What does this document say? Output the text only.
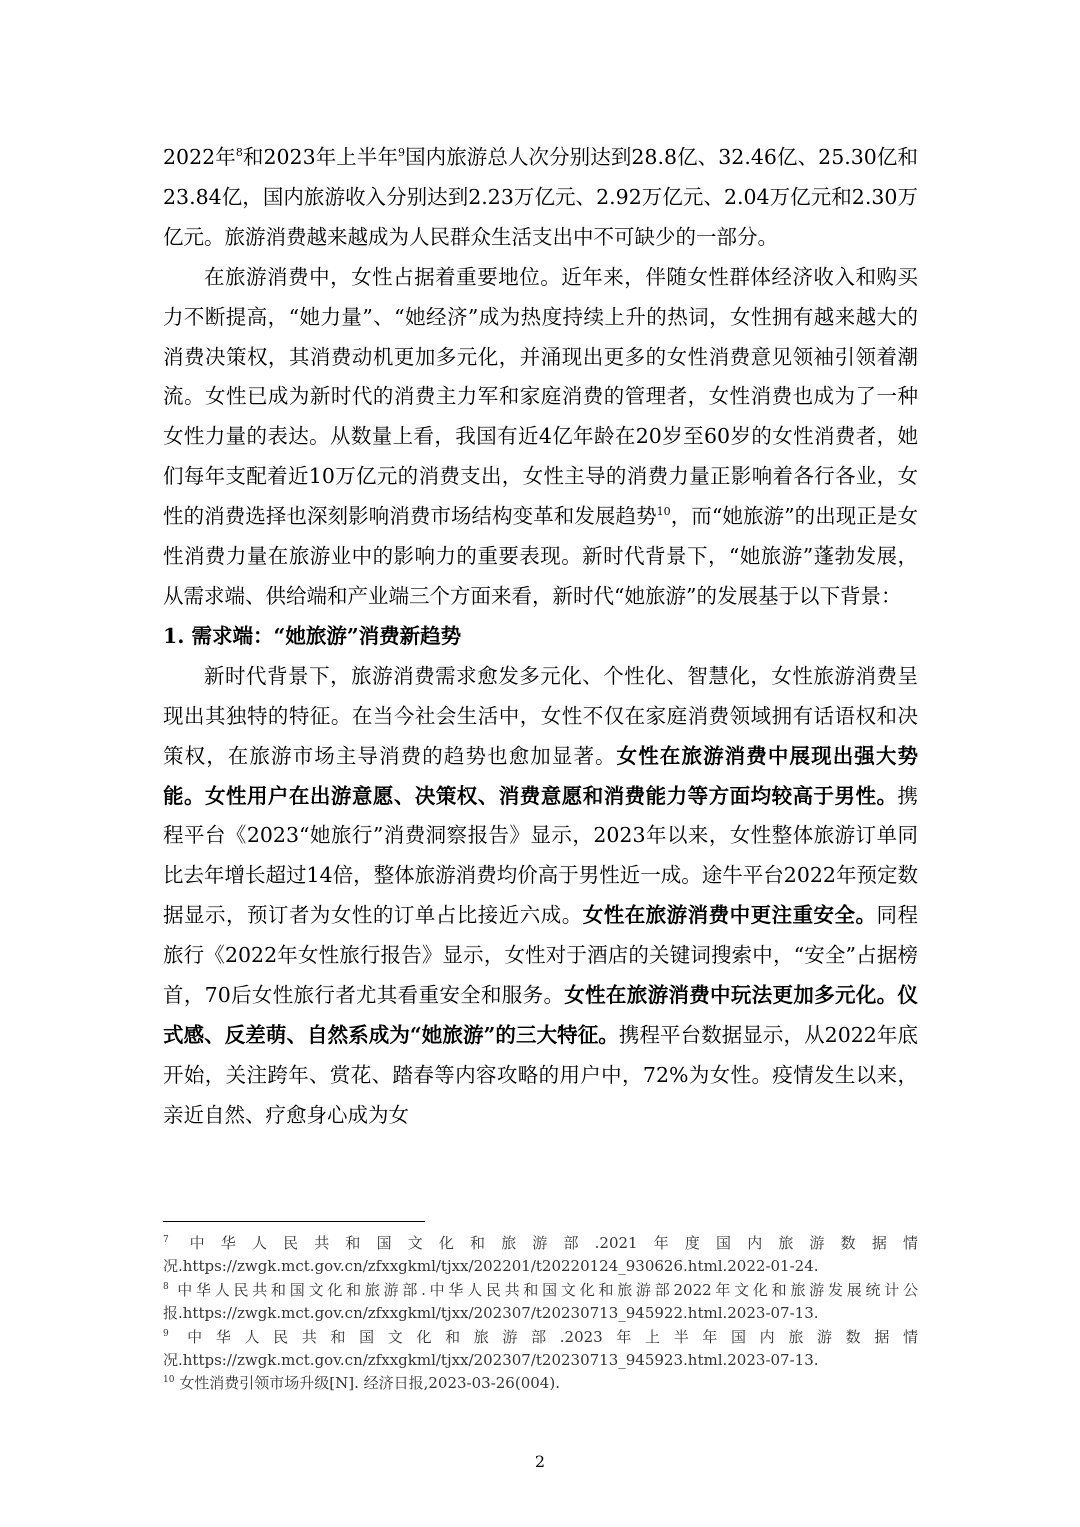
2022年$^8$和2023年上半年$^9$国内旅游总人次分别达到28.8亿、32.46亿、25.30亿和23.84亿，国内旅游收入分别达到2.23万亿元、2.92万亿元、2.04万亿元和2.30万亿元。旅游消费越来越成为人民群众生活支出中不可缺少的一部分。

在旅游消费中，女性占据着重要地位。近年来，伴随女性群体经济收入和购买力不断提高，“她力量”、“她经济”成为热度持续上升的热词，女性拥有越来越大的消费决策权，其消费动机更加多元化，并涌现出更多的女性消费意见领袖引领着潮流。女性已成为新时代的消费主力军和家庭消费的管理者，女性消费也成为了一种女性力量的表达。从数量上看，我国有近4亿年龄在20岁至60岁的女性消费者，她们每年支配着近10万亿元的消费支出，女性主导的消费力量正影响着各行各业，女性的消费选择也深刻影响消费市场结构变革和发展趋势$^{10}$，而“她旅游”的出现正是女性消费力量在旅游业中的影响力的重要表现。新时代背景下，“她旅游”蓬勃发展，从需求端、供给端和产业端三个方面来看，新时代“她旅游”的发展基于以下背景：

1. 需求端：“她旅游”消费新趋势

新时代背景下，旅游消费需求愈发多元化、个性化、智慧化，女性旅游消费呈现出其独特的特征。在当今社会生活中，女性不仅在家庭消费领域拥有话语权和决策权，在旅游市场主导消费的趋势也愈加显著。女性在旅游消费中展现出强大势能。女性用户在出游意愿、决策权、消费意愿和消费能力等方面均较高于男性。携程平台《2023“她旅行”消费洞察报告》显示，2023年以来，女性整体旅游订单同比去年增长超过14倍，整体旅游消费均价高于男性近一成。途牛平台2022年预定数据显示，预订者为女性的订单占比接近六成。女性在旅游消费中更注重安全。同程旅行《2022年女性旅行报告》显示，女性对于酒店的关键词搜索中，“安全”占据榜首，70后女性旅行者尤其看重安全和服务。女性在旅游消费中玩法更加多元化。仪式感、反差萌、自然系成为“她旅游”的三大特征。携程平台数据显示，从2022年底开始，关注跨年、赏花、踏春等内容攻略的用户中，72%为女性。疫情发生以来，亲近自然、疗愈身心成为女

$^7$ 中华人民共和国文化和旅游部.2021年度国内旅游数据情况.https://zwgk.mct.gov.cn/zfxxgkml/tjxx/202201/t20220124_930626.html.2022-01-24.

$^8$ 中华人民共和国文化和旅游部.中华人民共和国文化和旅游部2022年文化和旅游发展统计公报.https://zwgk.mct.gov.cn/zfxxgkml/tjxx/202307/t20230713_945922.html.2023-07-13.

$^9$ 中华人民共和国文化和旅游部.2023年上半年国内旅游数据情况.https://zwgk.mct.gov.cn/zfxxgkml/tjxx/202307/t20230713_945923.html.2023-07-13.

$^{10}$ 女性消费引领市场升级[N]. 经济日报,2023-03-26(004).

2
